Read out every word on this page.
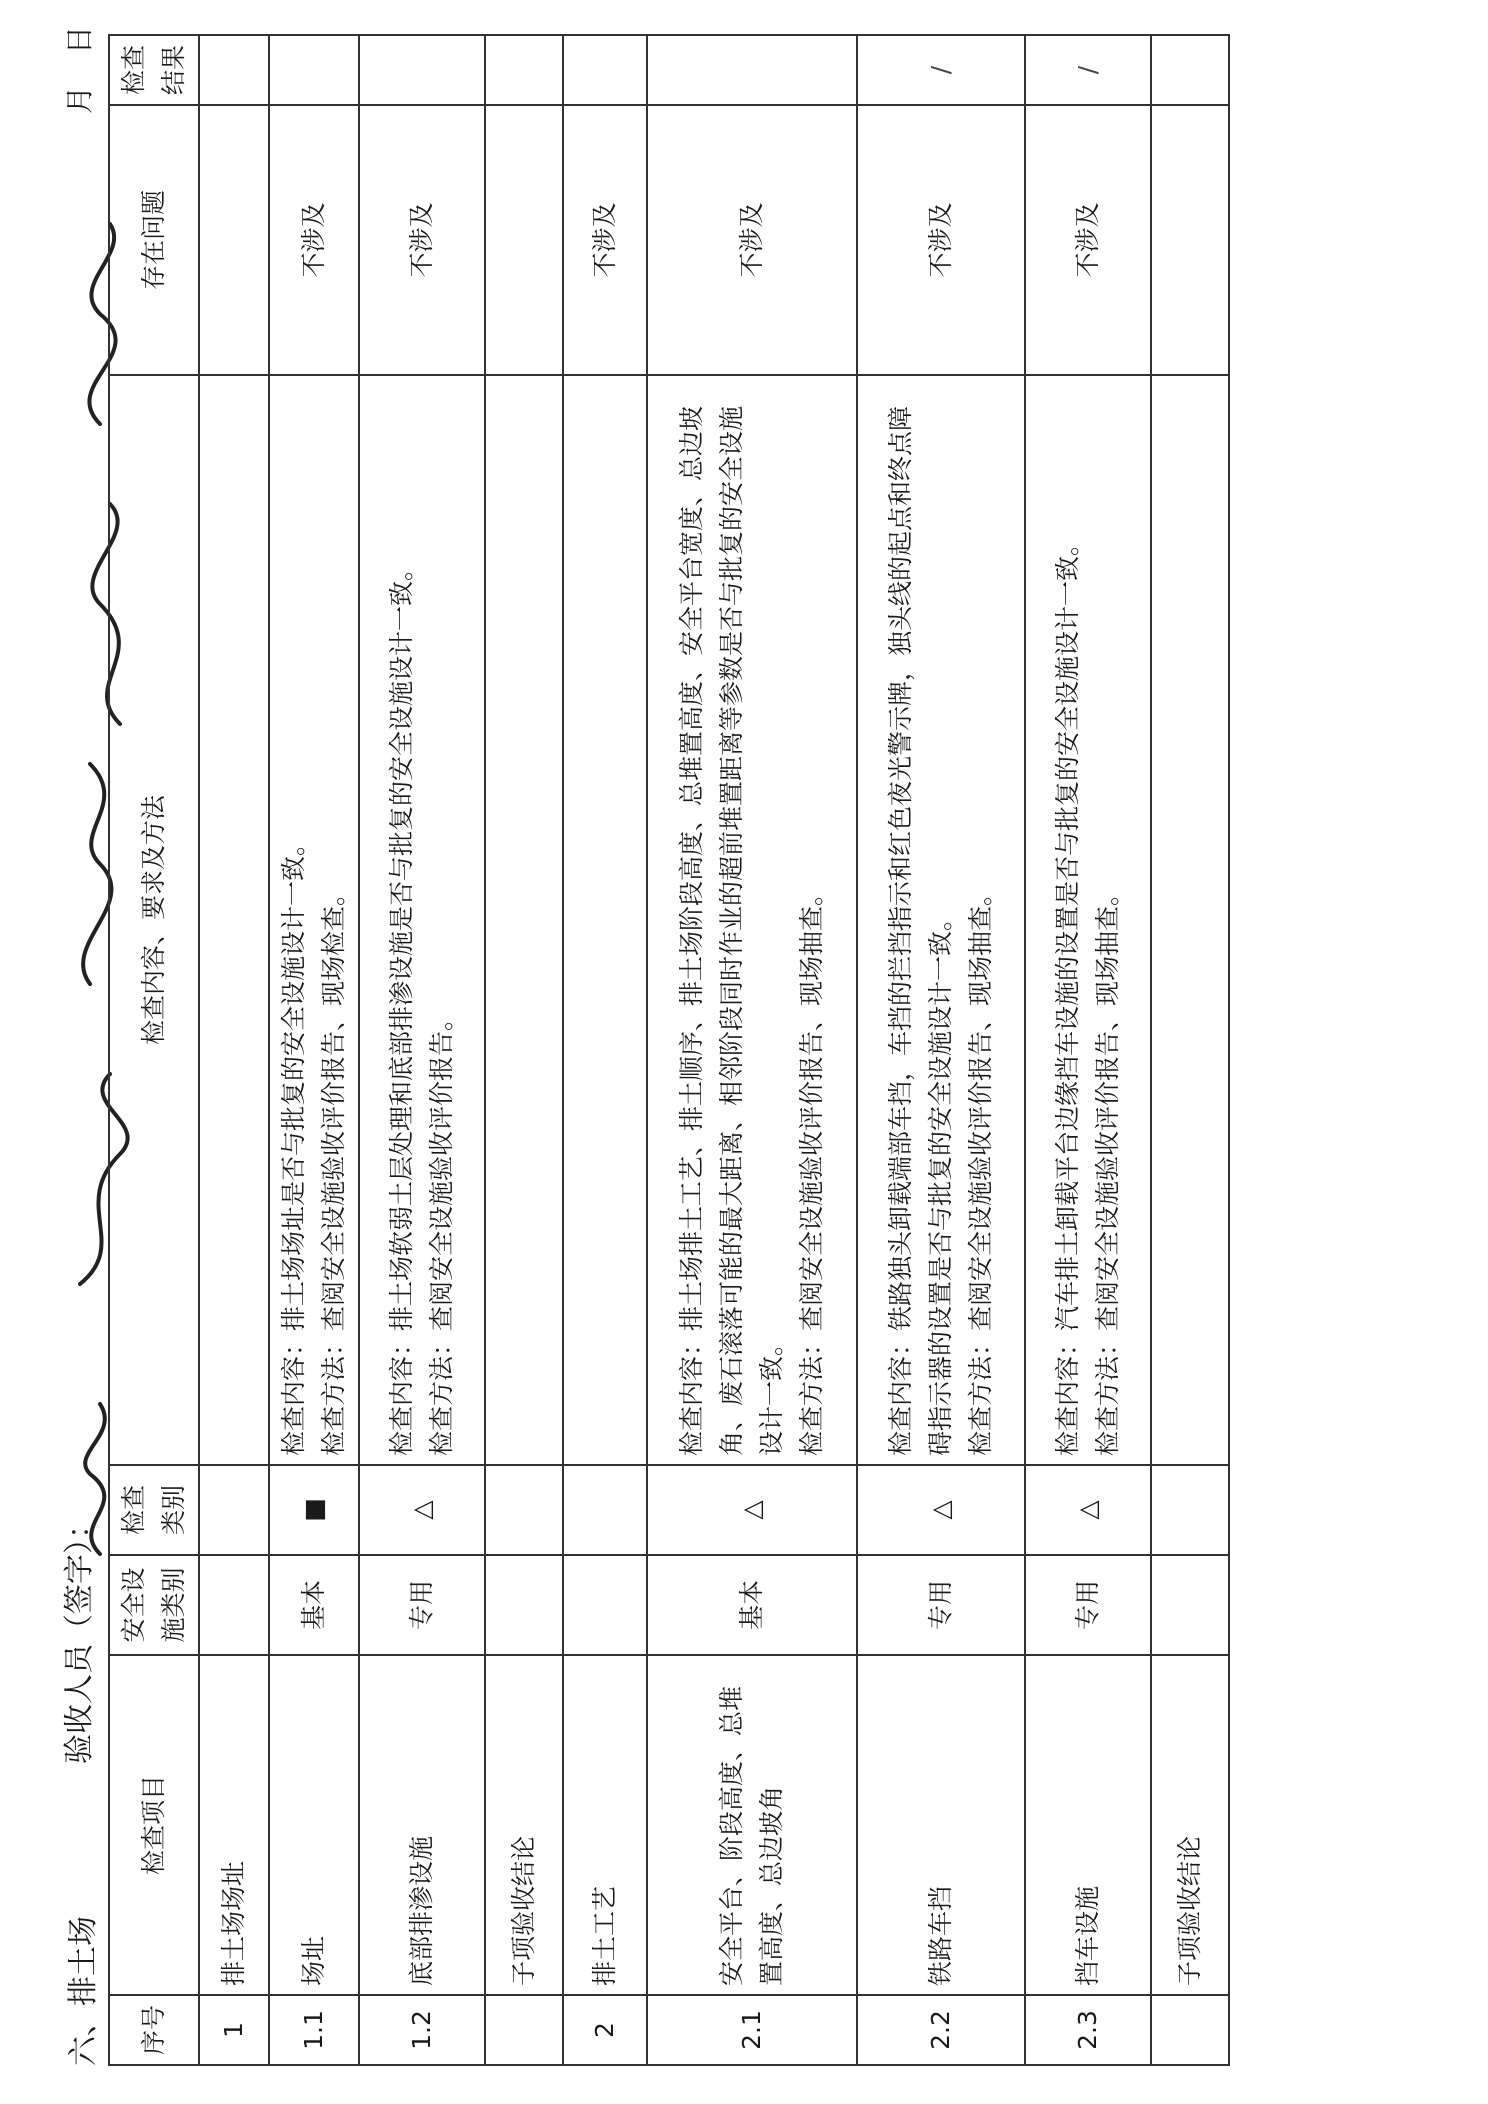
六、排土场
验收人员（签字）：
月
日
序号	检查项目	安全设施类别	检查类别	检查内容、要求及方法	存在问题	检查结果
1	排土场场址					
1.1	场址	基本	■	检查内容：排土场场址是否与批复的安全设施设计一致。 检查方法：查阅安全设施验收评价报告、现场检查。	不涉及	
1.2	底部排渗设施	专用	△	检查内容：排土场软弱土层处理和底部排渗设施是否与批复的安全设施设计一致。 检查方法：查阅安全设施验收评价报告。	不涉及	
	子项验收结论					
2	排土工艺				不涉及	
2.1	安全平台、阶段高度、总堆置高度、总边坡角	基本	△	检查内容：排土场排土工艺、排土顺序、排土场阶段高度、总堆置高度、安全平台宽度、总边坡角、废石滚落可能的最大距离、相邻阶段同时作业的超前堆置距离等参数是否与批复的安全设施设计一致。 检查方法：查阅安全设施验收评价报告、现场抽查。	不涉及	
2.2	铁路车挡	专用	△	检查内容：铁路独头卸载端部车挡，车挡的拦挡指示和红色夜光警示牌，独头线的起点和终点障碍指示器的设置是否与批复的安全设施设计一致。 检查方法：查阅安全设施验收评价报告、现场抽查。	不涉及	/
2.3	挡车设施	专用	△	检查内容：汽车排土卸载平台边缘挡车设施的设置是否与批复的安全设施设计一致。 检查方法：查阅安全设施验收评价报告、现场抽查。	不涉及	/
	子项验收结论					
